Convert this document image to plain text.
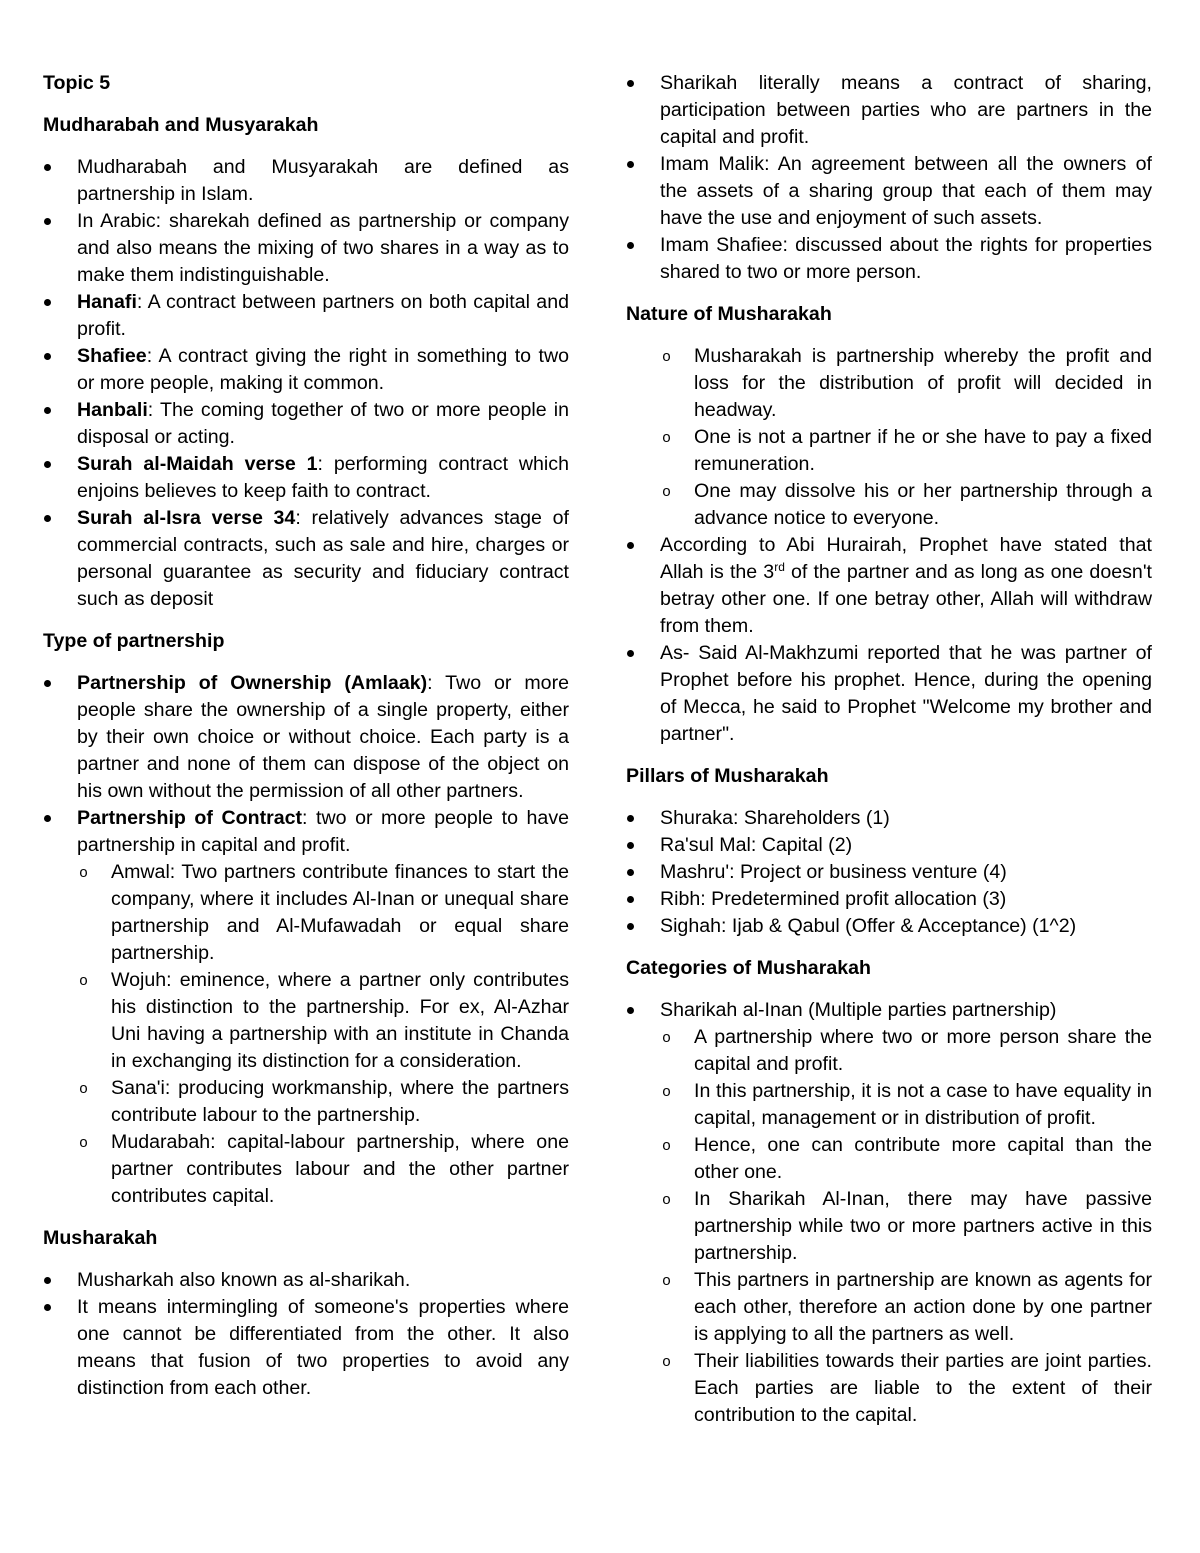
Topic 5

Mudharabah and Musyarakah

Mudharabah and Musyarakah are defined as partnership in Islam.
In Arabic: sharekah defined as partnership or company and also means the mixing of two shares in a way as to make them indistinguishable.
Hanafi: A contract between partners on both capital and profit.
Shafiee: A contract giving the right in something to two or more people, making it common.
Hanbali: The coming together of two or more people in disposal or acting.
Surah al-Maidah verse 1: performing contract which enjoins believes to keep faith to contract.
Surah al-Isra verse 34: relatively advances stage of commercial contracts, such as sale and hire, charges or personal guarantee as security and fiduciary contract such as deposit

Type of partnership

Partnership of Ownership (Amlaak): Two or more people share the ownership of a single property, either by their own choice or without choice. Each party is a partner and none of them can dispose of the object on his own without the permission of all other partners.
Partnership of Contract: two or more people to have partnership in capital and profit.
o Amwal: Two partners contribute finances to start the company, where it includes Al-Inan or unequal share partnership and Al-Mufawadah or equal share partnership.
o Wojuh: eminence, where a partner only contributes his distinction to the partnership. For ex, Al-Azhar Uni having a partnership with an institute in Chanda in exchanging its distinction for a consideration.
o Sana'i: producing workmanship, where the partners contribute labour to the partnership.
o Mudarabah: capital-labour partnership, where one partner contributes labour and the other partner contributes capital.

Musharakah

Musharkah also known as al-sharikah.
It means intermingling of someone's properties where one cannot be differentiated from the other. It also means that fusion of two properties to avoid any distinction from each other.
Sharikah literally means a contract of sharing, participation between parties who are partners in the capital and profit.
Imam Malik: An agreement between all the owners of the assets of a sharing group that each of them may have the use and enjoyment of such assets.
Imam Shafiee: discussed about the rights for properties shared to two or more person.

Nature of Musharakah

o Musharakah is partnership whereby the profit and loss for the distribution of profit will decided in headway.
o One is not a partner if he or she have to pay a fixed remuneration.
o One may dissolve his or her partnership through a advance notice to everyone.
According to Abi Hurairah, Prophet have stated that Allah is the 3rd of the partner and as long as one doesn't betray other one. If one betray other, Allah will withdraw from them.
As- Said Al-Makhzumi reported that he was partner of Prophet before his prophet. Hence, during the opening of Mecca, he said to Prophet "Welcome my brother and partner".

Pillars of Musharakah

Shuraka: Shareholders (1)
Ra'sul Mal: Capital (2)
Mashru': Project or business venture (4)
Ribh: Predetermined profit allocation (3)
Sighah: Ijab & Qabul (Offer & Acceptance) (1^2)

Categories of Musharakah

Sharikah al-Inan (Multiple parties partnership)
o A partnership where two or more person share the capital and profit.
o In this partnership, it is not a case to have equality in capital, management or in distribution of profit.
o Hence, one can contribute more capital than the other one.
o In Sharikah Al-Inan, there may have passive partnership while two or more partners active in this partnership.
o This partners in partnership are known as agents for each other, therefore an action done by one partner is applying to all the partners as well.
o Their liabilities towards their parties are joint parties. Each parties are liable to the extent of their contribution to the capital.
